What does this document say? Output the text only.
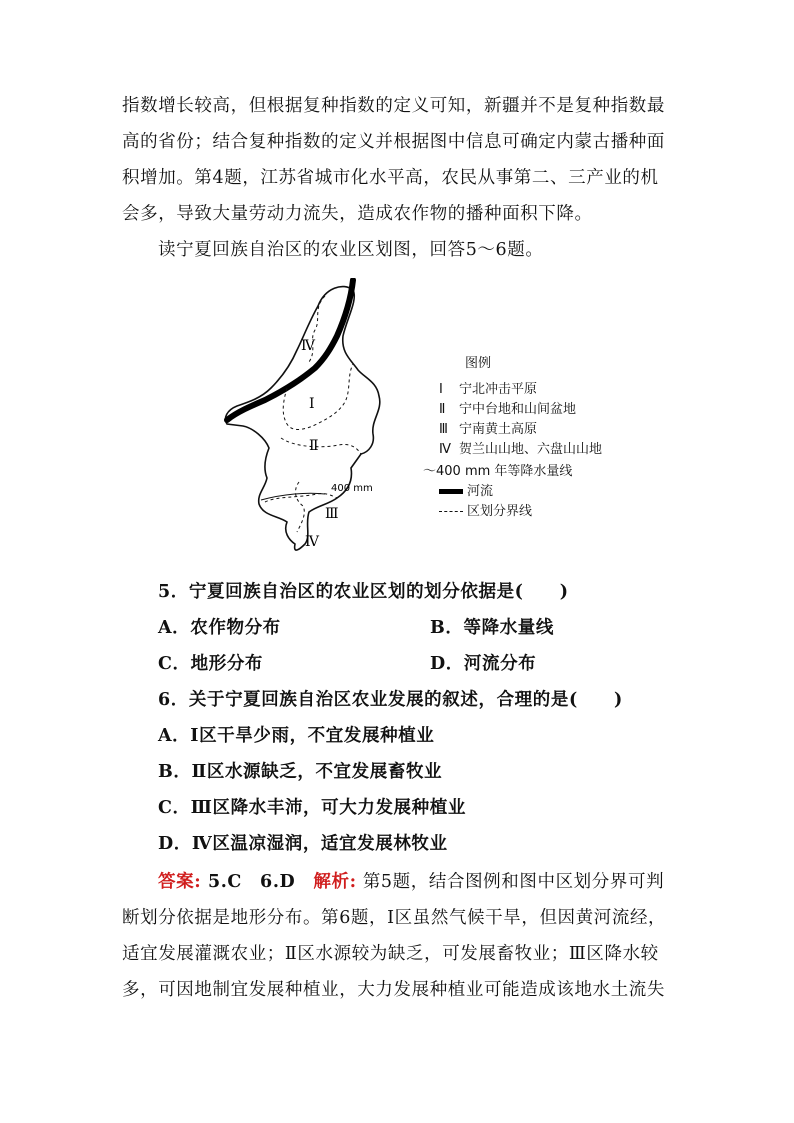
指数增长较高，但根据复种指数的定义可知，新疆并不是复种指数最
高的省份；结合复种指数的定义并根据图中信息可确定内蒙古播种面
积增加。第4题，江苏省城市化水平高，农民从事第二、三产业的机
会多，导致大量劳动力流失，造成农作物的播种面积下降。
读宁夏回族自治区的农业区划图，回答5～6题。
Ⅳ
Ⅰ
Ⅱ
Ⅲ
Ⅳ
400 mm
图例
Ⅰ 宁北冲击平原
Ⅱ 宁中台地和山间盆地
Ⅲ 宁南黄土高原
Ⅳ 贺兰山山地、六盘山山地
～400 mm 年等降水量线
河流
区划分界线
5．宁夏回族自治区的农业区划的划分依据是(　　)
A．农作物分布	B．等降水量线
C．地形分布	D．河流分布
6．关于宁夏回族自治区农业发展的叙述，合理的是(　　)
A．Ⅰ区干旱少雨，不宜发展种植业
B．Ⅱ区水源缺乏，不宜发展畜牧业
C．Ⅲ区降水丰沛，可大力发展种植业
D．Ⅳ区温凉湿润，适宜发展林牧业
答案: 5.C　6.D　解析: 第5题，结合图例和图中区划分界可判
断划分依据是地形分布。第6题，Ⅰ区虽然气候干旱，但因黄河流经，
适宜发展灌溉农业；Ⅱ区水源较为缺乏，可发展畜牧业；Ⅲ区降水较
多，可因地制宜发展种植业，大力发展种植业可能造成该地水土流失
